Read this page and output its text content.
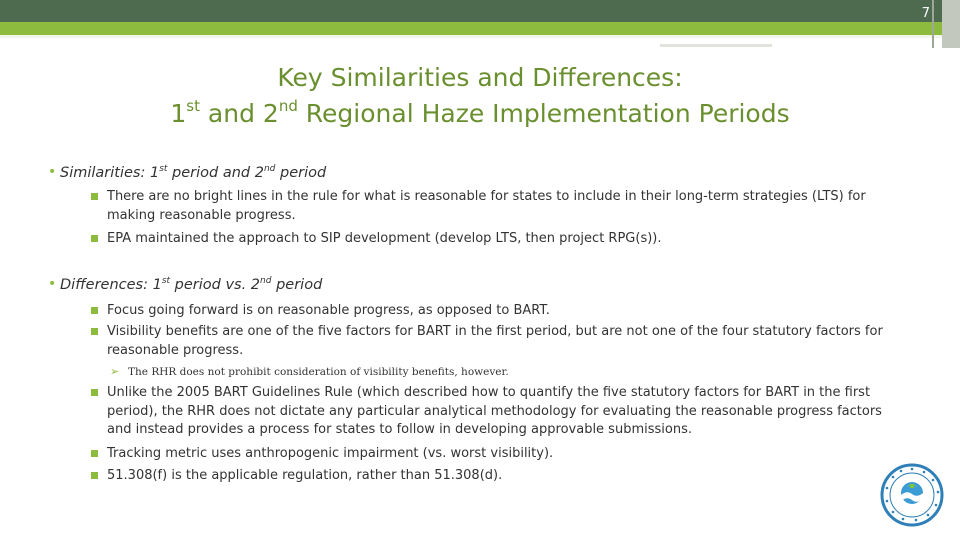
7
Key Similarities and Differences:
1st and 2nd Regional Haze Implementation Periods
• Similarities: 1st period and 2nd period
There are no bright lines in the rule for what is reasonable for states to include in their long-term strategies (LTS) for making reasonable progress.
EPA maintained the approach to SIP development (develop LTS, then project RPG(s)).
• Differences: 1st period vs. 2nd period
Focus going forward is on reasonable progress, as opposed to BART.
Visibility benefits are one of the five factors for BART in the first period, but are not one of the four statutory factors for reasonable progress.
➢ The RHR does not prohibit consideration of visibility benefits, however.
Unlike the 2005 BART Guidelines Rule (which described how to quantify the five statutory factors for BART in the first period), the RHR does not dictate any particular analytical methodology for evaluating the reasonable progress factors and instead provides a process for states to follow in developing approvable submissions.
Tracking metric uses anthropogenic impairment (vs. worst visibility).
51.308(f) is the applicable regulation, rather than 51.308(d).
